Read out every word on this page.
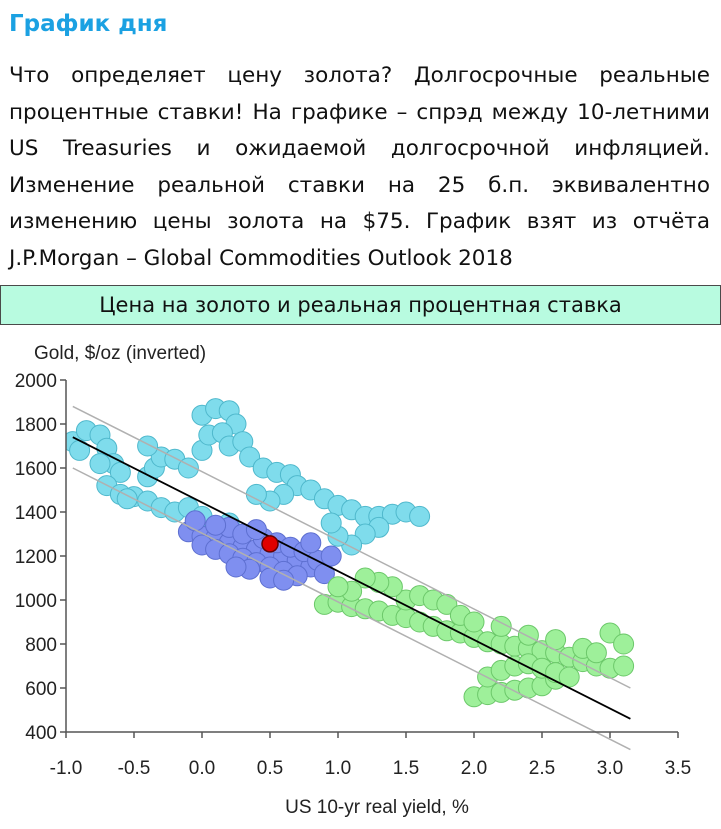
График дня
Что определяет цену золота? Долгосрочные реальные процентные ставки! На графике – спрэд между 10-летними US Treasuries и ожидаемой долгосрочной инфляцией. Изменение реальной ставки на 25 б.п. эквивалентно изменению цены золота на $75. График взят из отчёта J.P.Morgan – Global Commodities Outlook 2018
Цена на золото и реальная процентная ставка
Gold, $/oz (inverted)
2000
1800
1600
1400
1200
1000
800
600
400
-1.0 -0.5 0.0 0.5 1.0 1.5 2.0 2.5 3.0 3.5
US 10-yr real yield, %
